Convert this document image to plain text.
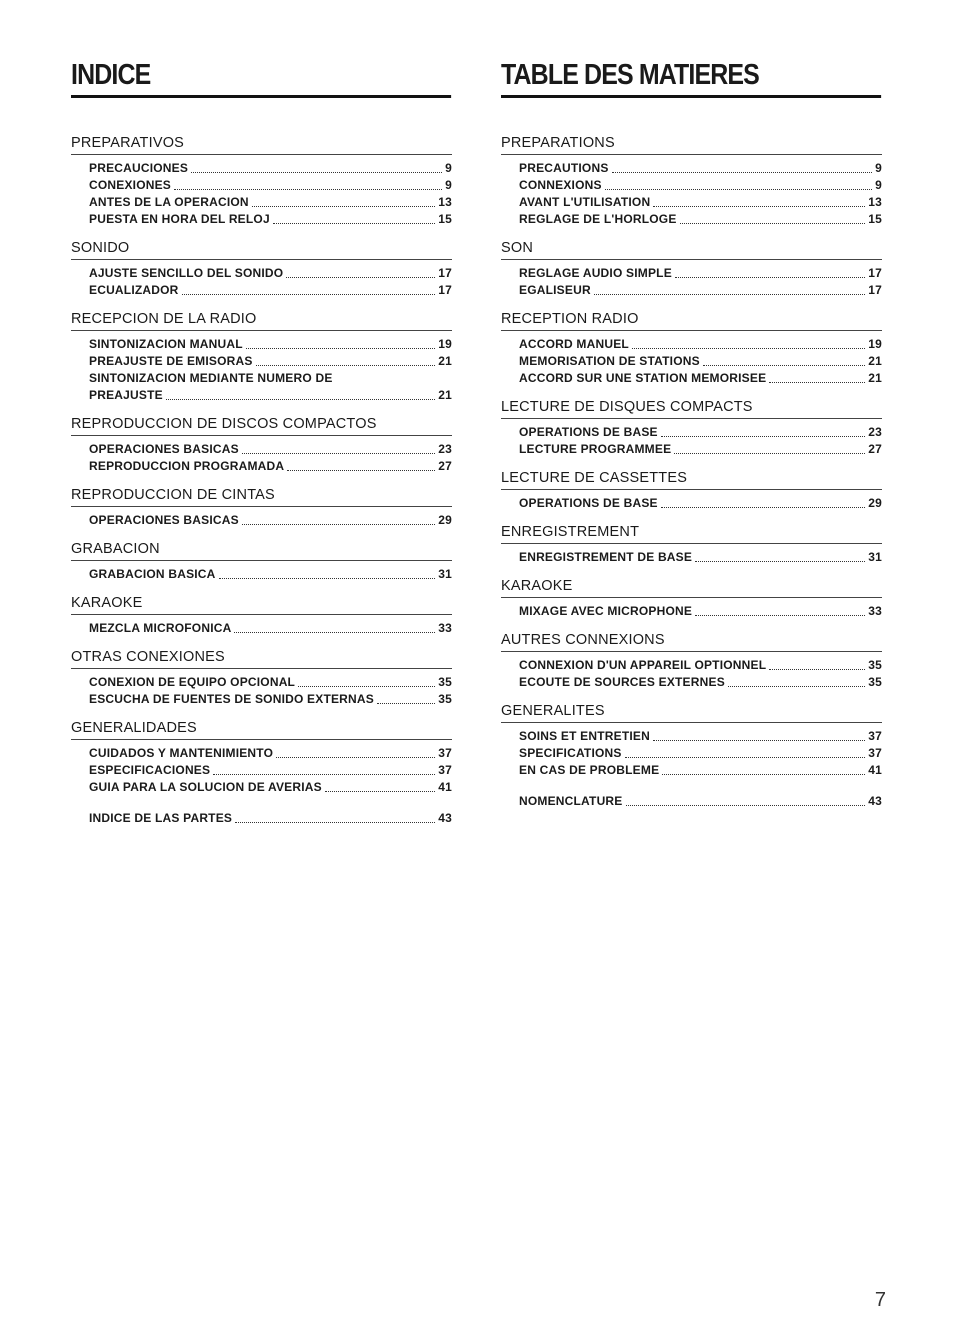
INDICE
PREPARATIVOS
PRECAUCIONES	9
CONEXIONES	9
ANTES DE LA OPERACION	13
PUESTA EN HORA DEL RELOJ	15
SONIDO
AJUSTE SENCILLO DEL SONIDO	17
ECUALIZADOR	17
RECEPCION DE LA RADIO
SINTONIZACION MANUAL	19
PREAJUSTE DE EMISORAS	21
SINTONIZACION MEDIANTE NUMERO DE
PREAJUSTE	21
REPRODUCCION DE DISCOS COMPACTOS
OPERACIONES BASICAS	23
REPRODUCCION PROGRAMADA	27
REPRODUCCION DE CINTAS
OPERACIONES BASICAS	29
GRABACION
GRABACION BASICA	31
KARAOKE
MEZCLA MICROFONICA	33
OTRAS CONEXIONES
CONEXION DE EQUIPO OPCIONAL	35
ESCUCHA DE FUENTES DE SONIDO EXTERNAS	35
GENERALIDADES
CUIDADOS Y MANTENIMIENTO	37
ESPECIFICACIONES	37
GUIA PARA LA SOLUCION DE AVERIAS	41
INDICE DE LAS PARTES	43
TABLE DES MATIERES
PREPARATIONS
PRECAUTIONS	9
CONNEXIONS	9
AVANT L'UTILISATION	13
REGLAGE DE L'HORLOGE	15
SON
REGLAGE AUDIO SIMPLE	17
EGALISEUR	17
RECEPTION RADIO
ACCORD MANUEL	19
MEMORISATION DE STATIONS	21
ACCORD SUR UNE STATION MEMORISEE	21
LECTURE DE DISQUES COMPACTS
OPERATIONS DE BASE	23
LECTURE PROGRAMMEE	27
LECTURE DE CASSETTES
OPERATIONS DE BASE	29
ENREGISTREMENT
ENREGISTREMENT DE BASE	31
KARAOKE
MIXAGE AVEC MICROPHONE	33
AUTRES CONNEXIONS
CONNEXION D'UN APPAREIL OPTIONNEL	35
ECOUTE DE SOURCES EXTERNES	35
GENERALITES
SOINS ET ENTRETIEN	37
SPECIFICATIONS	37
EN CAS DE PROBLEME	41
NOMENCLATURE	43
7
